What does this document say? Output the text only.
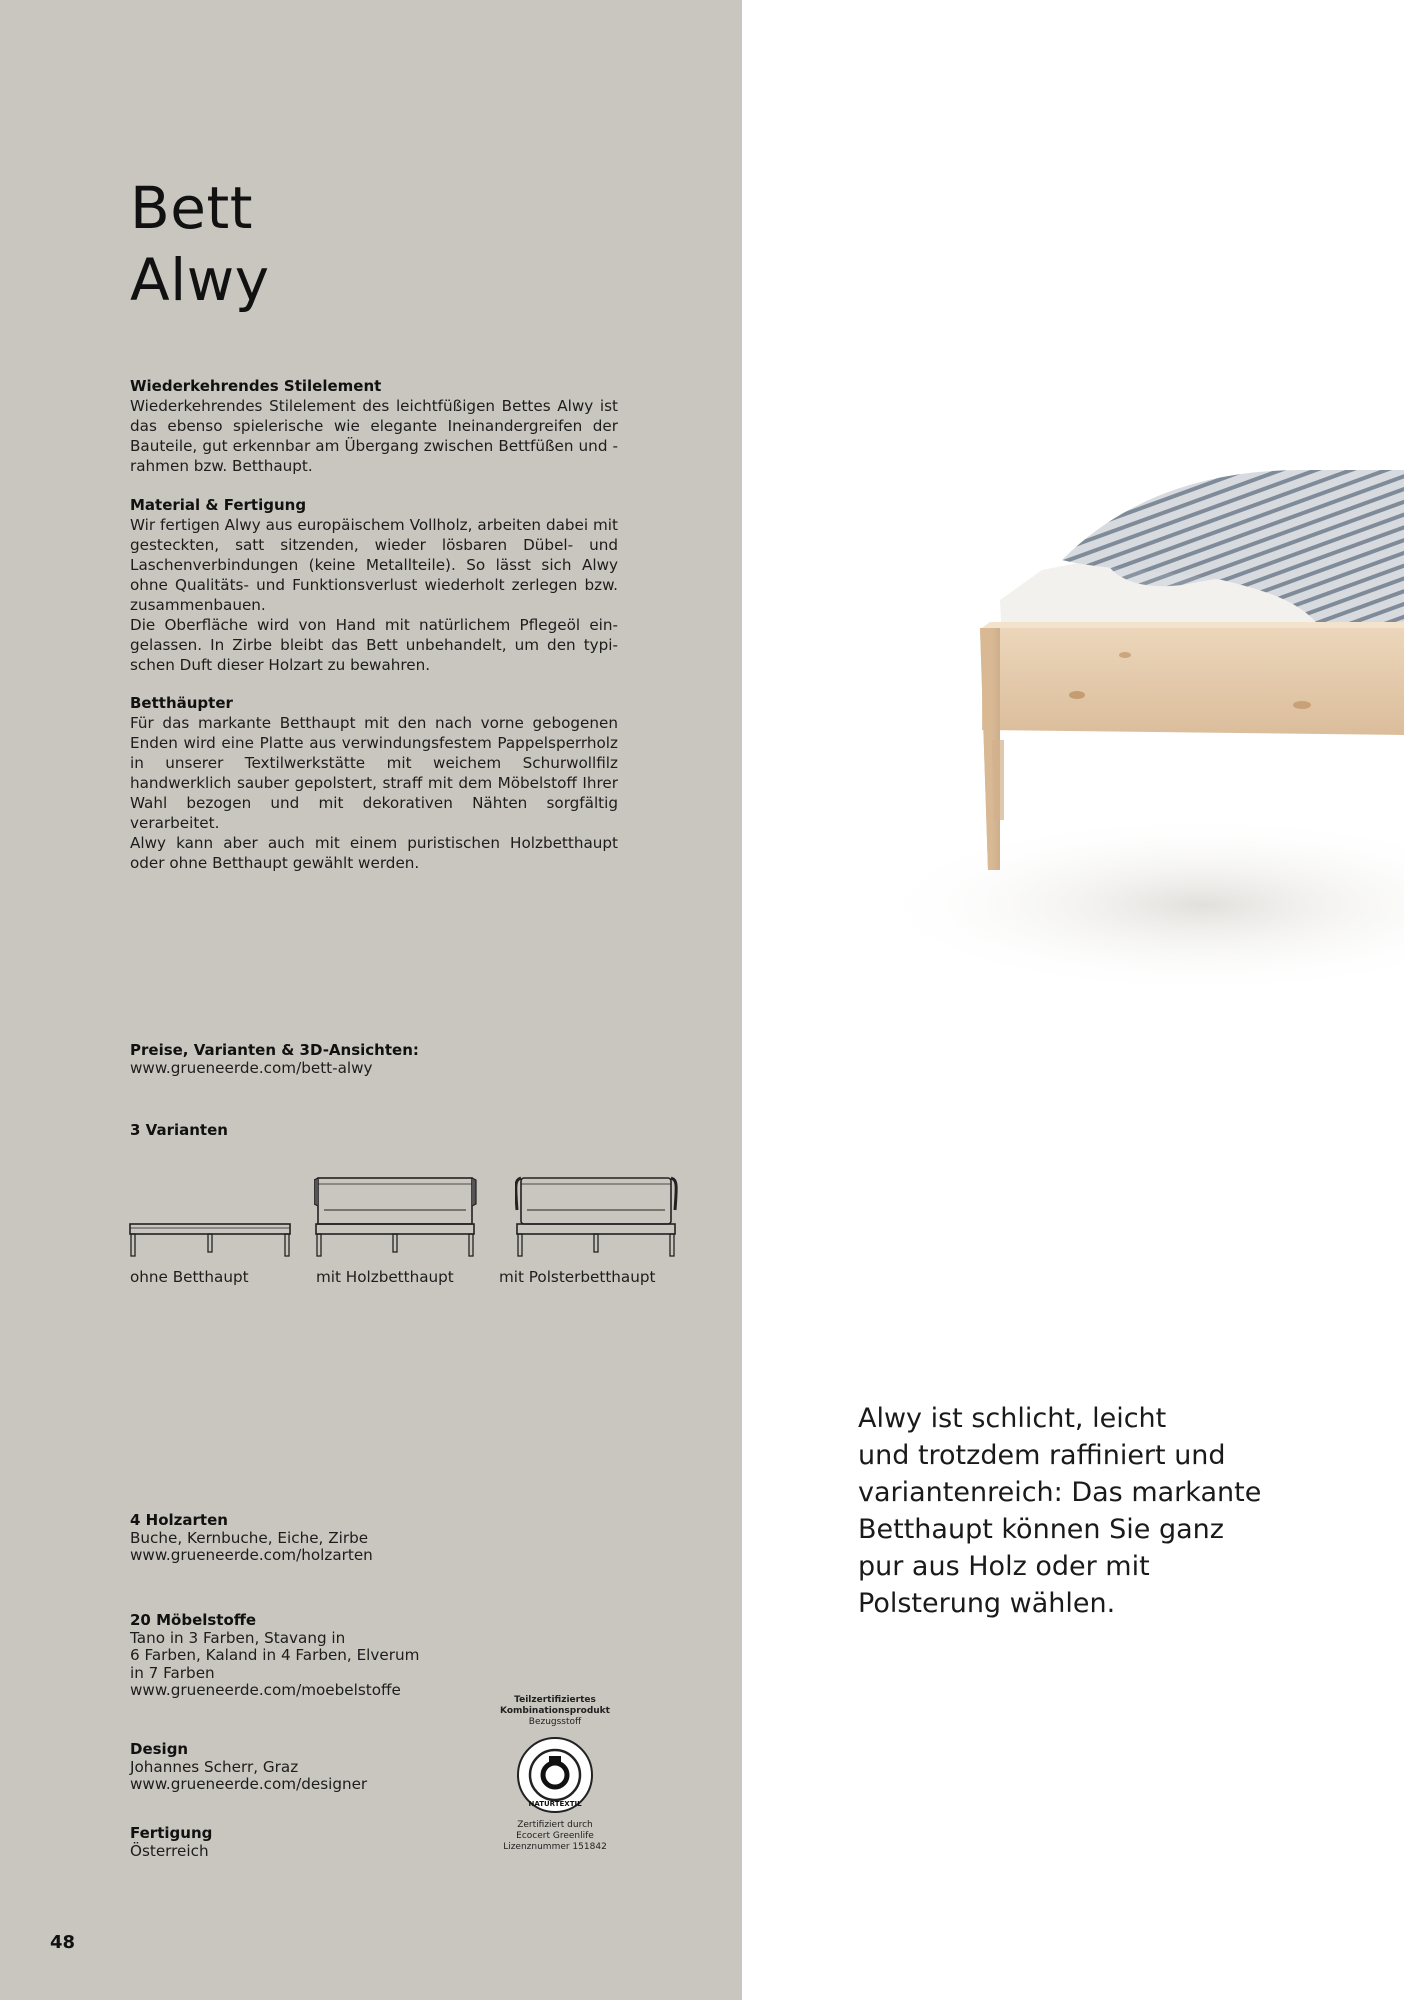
Bett
Alwy
Wiederkehrendes Stilelement

Wiederkehrendes Stilelement des leichtfüßigen Bettes Alwy ist das ebenso spielerische wie elegante Ineinandergreifen der Bauteile, gut erkennbar am Übergang zwischen Bettfüßen und -rahmen bzw. Betthaupt.

Material & Fertigung

Wir fertigen Alwy aus europäischem Vollholz, arbeiten dabei mit gesteckten, satt sitzenden, wieder lösbaren Dübel- und Laschenverbindungen (keine Metallteile). So lässt sich Alwy ohne Qualitäts- und Funktionsverlust wiederholt zerlegen bzw. zusammenbauen.

Die Oberfläche wird von Hand mit natürlichem Pflegeöl eingelassen. In Zirbe bleibt das Bett unbehandelt, um den typischen Duft dieser Holzart zu bewahren.

Betthäupter

Für das markante Betthaupt mit den nach vorne gebogenen Enden wird eine Platte aus verwindungsfestem Pappelsperrholz in unserer Textilwerkstätte mit weichem Schurwollfilz handwerklich sauber gepolstert, straff mit dem Möbelstoff Ihrer Wahl bezogen und mit dekorativen Nähten sorgfältig verarbeitet.

Alwy kann aber auch mit einem puristischen Holzbetthaupt oder ohne Betthaupt gewählt werden.

Preise, Varianten & 3D-Ansichten:
www.grueneerde.com/bett-alwy
3 Varianten
ohne Betthaupt	mit Holzbetthaupt	mit Polsterbetthaupt
4 Holzarten
Buche, Kernbuche, Eiche, Zirbe
www.grueneerde.com/holzarten
20 Möbelstoffe
Tano in 3 Farben, Stavang in
6 Farben, Kaland in 4 Farben, Elverum
in 7 Farben
www.grueneerde.com/moebelstoffe
Design
Johannes Scherr, Graz
www.grueneerde.com/designer
Fertigung
Österreich
Teilzertifiziertes
Kombinationsprodukt
Bezugsstoff
NATURTEXTIL
Zertifiziert durch
Ecocert Greenlife
Lizenznummer 151842
48
Alwy ist schlicht, leicht
und trotzdem raffiniert und
variantenreich: Das markante
Betthaupt können Sie ganz
pur aus Holz oder mit
Polsterung wählen.
